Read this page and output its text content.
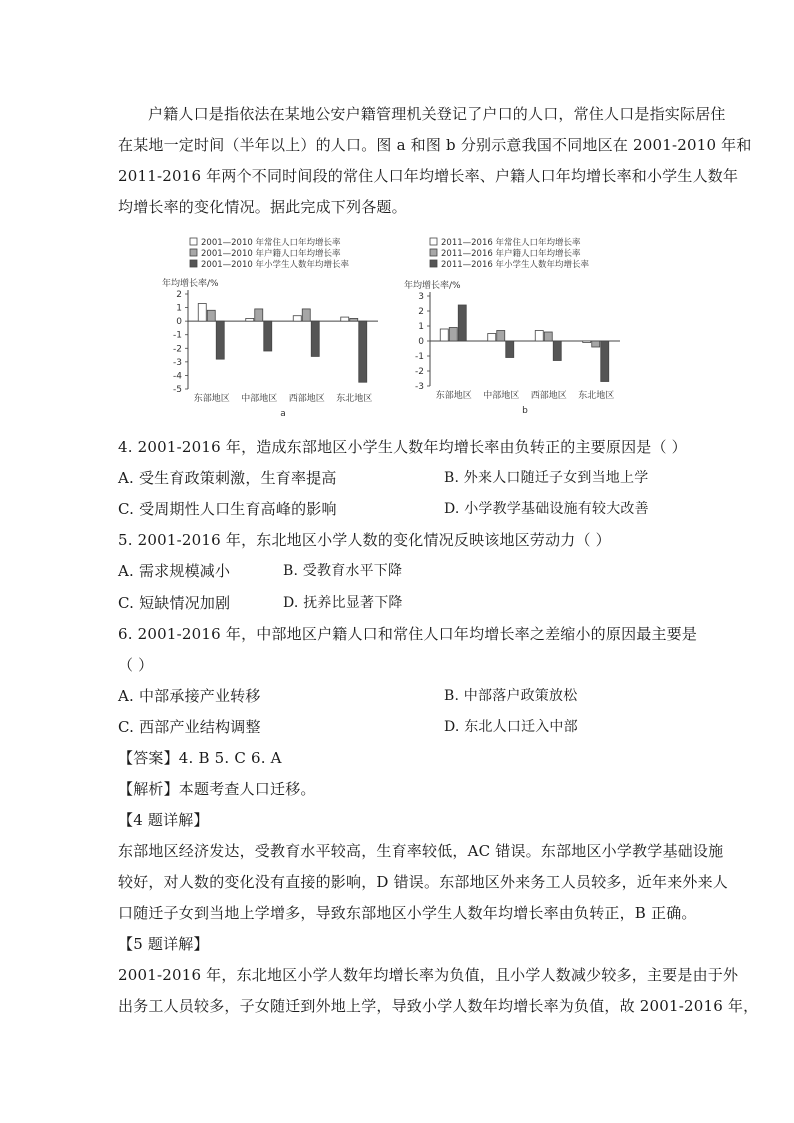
户籍人口是指依法在某地公安户籍管理机关登记了户口的人口，常住人口是指实际居住
在某地一定时间（半年以上）的人口。图 a 和图 b 分别示意我国不同地区在 2001-2010 年和
2011-2016 年两个不同时间段的常住人口年均增长率、户籍人口年均增长率和小学生人数年
均增长率的变化情况。据此完成下列各题。
2001—2010 年常住人口年均增长率
2001—2010 年户籍人口年均增长率
2001—2010 年小学生人数年均增长率
年均增长率/%
2
1
0
-1
-2
-3
-4
-5
东部地区 中部地区 西部地区 东北地区
a
2011—2016 年常住人口年均增长率
2011—2016 年户籍人口年均增长率
2011—2016 年小学生人数年均增长率
年均增长率/%
3
2
1
0
-1
-2
-3
东部地区 中部地区 西部地区 东北地区
b
4. 2001-2016 年，造成东部地区小学生人数年均增长率由负转正的主要原因是（ ）
A. 受生育政策刺激，生育率提高	B. 外来人口随迁子女到当地上学
C. 受周期性人口生育高峰的影响	D. 小学教学基础设施有较大改善
5. 2001-2016 年，东北地区小学人数的变化情况反映该地区劳动力（ ）
A. 需求规模减小	B. 受教育水平下降
C. 短缺情况加剧	D. 抚养比显著下降
6. 2001-2016 年，中部地区户籍人口和常住人口年均增长率之差缩小的原因最主要是
（ ）
A. 中部承接产业转移	B. 中部落户政策放松
C. 西部产业结构调整	D. 东北人口迁入中部
【答案】4. B 5. C 6. A
【解析】本题考查人口迁移。
【4 题详解】
东部地区经济发达，受教育水平较高，生育率较低，AC 错误。东部地区小学教学基础设施
较好，对人数的变化没有直接的影响，D 错误。东部地区外来务工人员较多，近年来外来人
口随迁子女到当地上学增多，导致东部地区小学生人数年均增长率由负转正，B 正确。
【5 题详解】
2001-2016 年，东北地区小学人数年均增长率为负值，且小学人数减少较多，主要是由于外
出务工人员较多，子女随迁到外地上学，导致小学人数年均增长率为负值，故 2001-2016 年，
